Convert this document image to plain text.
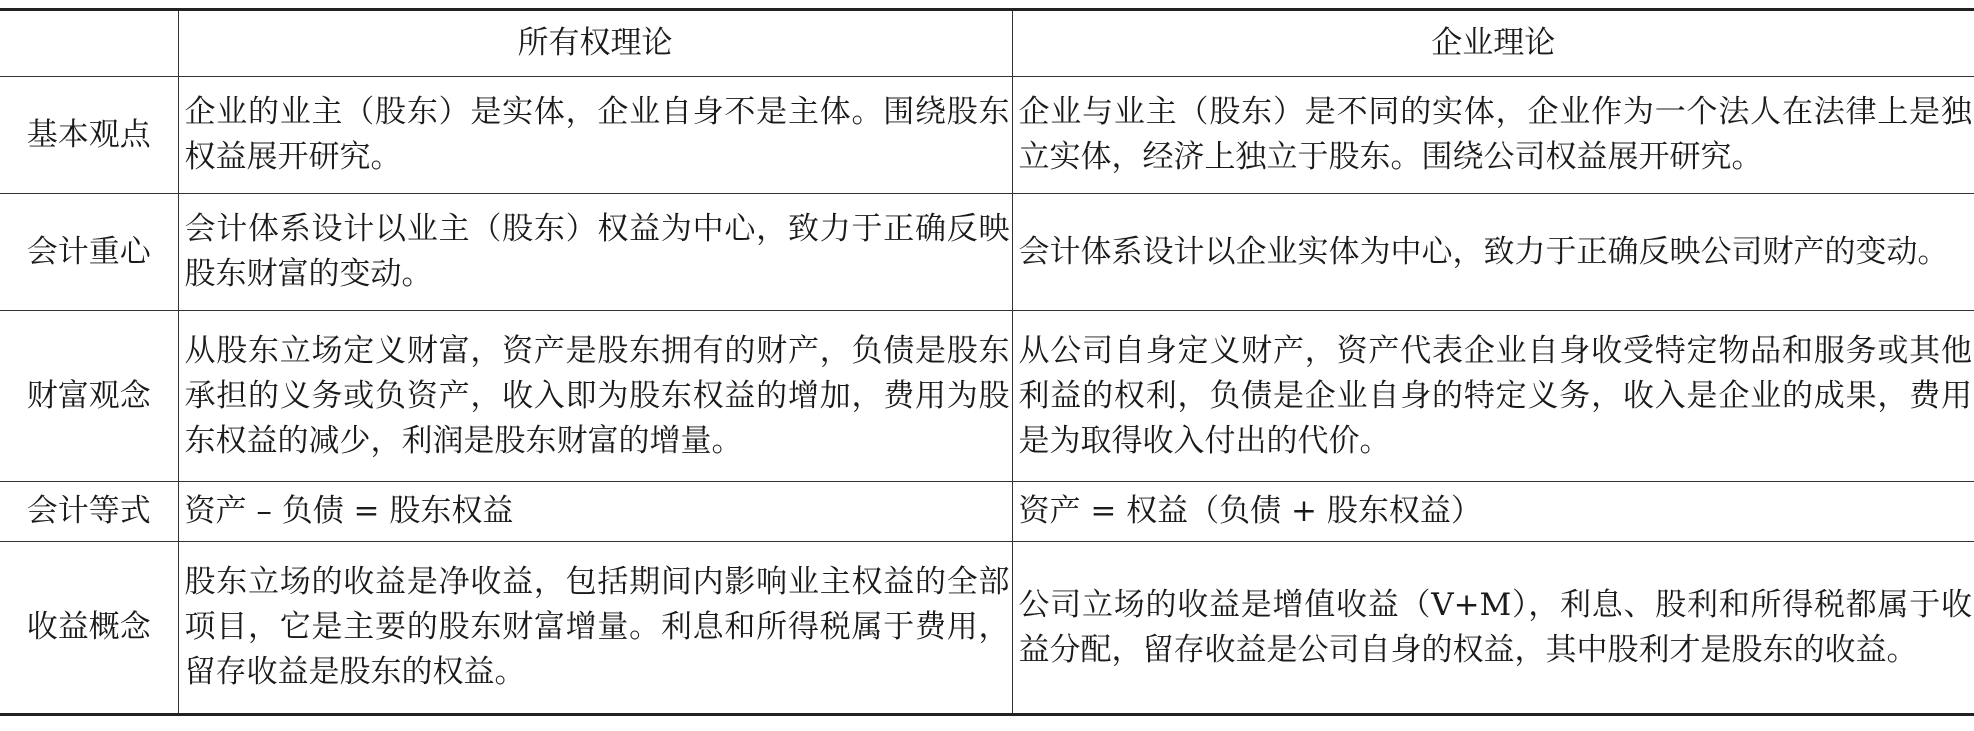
	所有权理论	企业理论
基本观点	企业的业主（股东）是实体，企业自身不是主体。围绕股东权益展开研究。	企业与业主（股东）是不同的实体，企业作为一个法人在法律上是独立实体，经济上独立于股东。围绕公司权益展开研究。
会计重心	会计体系设计以业主（股东）权益为中心，致力于正确反映股东财富的变动。	会计体系设计以企业实体为中心，致力于正确反映公司财产的变动。
财富观念	从股东立场定义财富，资产是股东拥有的财产，负债是股东承担的义务或负资产，收入即为股东权益的增加，费用为股东权益的减少，利润是股东财富的增量。	从公司自身定义财产，资产代表企业自身收受特定物品和服务或其他利益的权利，负债是企业自身的特定义务，收入是企业的成果，费用是为取得收入付出的代价。
会计等式	资产 – 负债 = 股东权益	资产 = 权益（负债 + 股东权益）
收益概念	股东立场的收益是净收益，包括期间内影响业主权益的全部项目，它是主要的股东财富增量。利息和所得税属于费用，留存收益是股东的权益。	公司立场的收益是增值收益（V+M），利息、股利和所得税都属于收益分配，留存收益是公司自身的权益，其中股利才是股东的收益。
